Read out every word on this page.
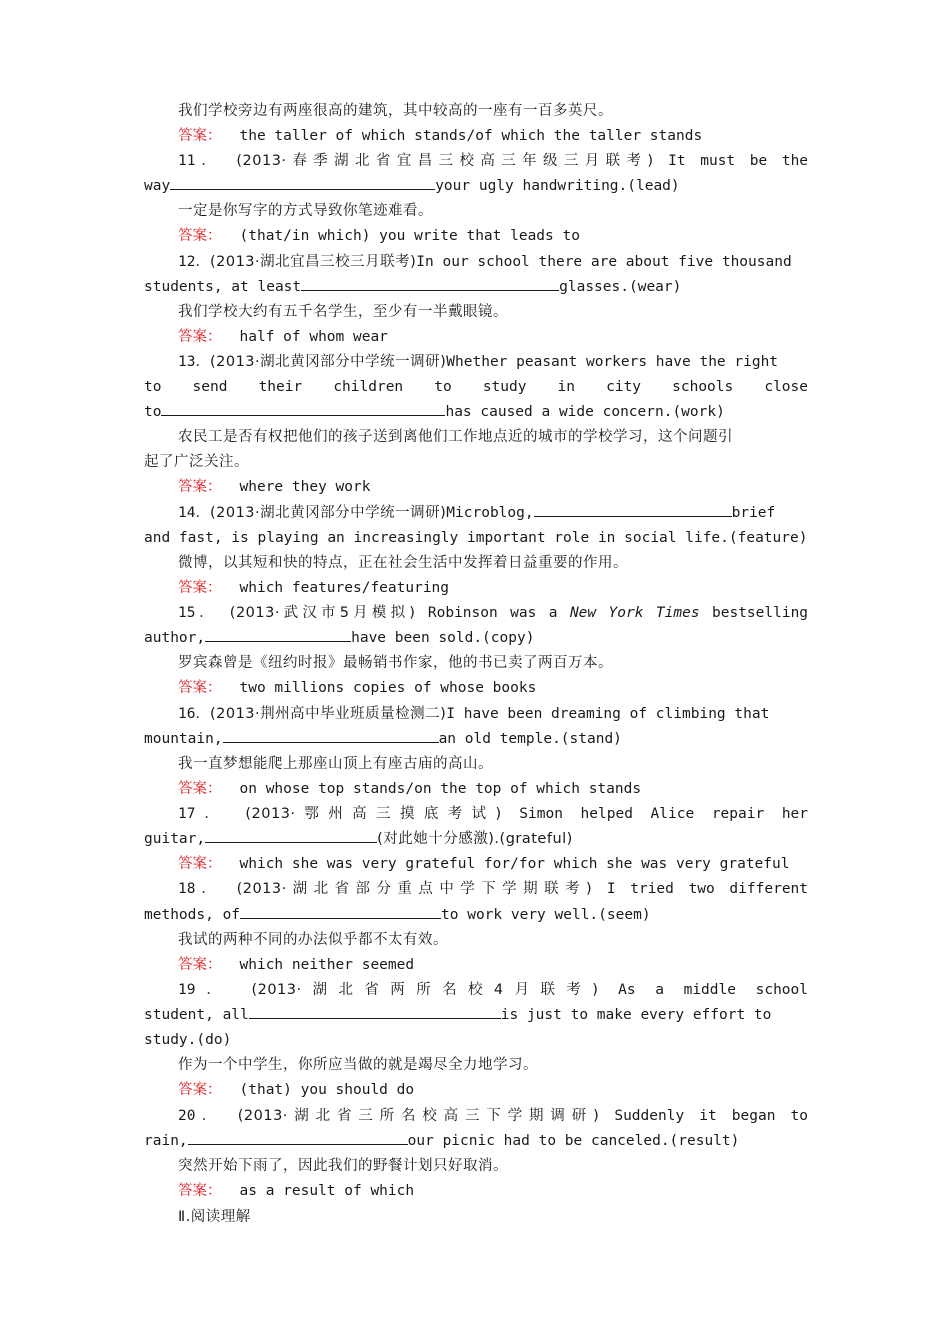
我们学校旁边有两座很高的建筑，其中较高的一座有一百多英尺。
答案： the taller of which stands/of which the taller stands
11． (2013·春季湖北省宜昌三校高三年级三月联考) It must be the
way	your ugly handwriting.(lead)
一定是你写字的方式导致你笔迹难看。
答案： (that/in which) you write that leads to
12．(2013·湖北宜昌三校三月联考)In our school there are about five thousand
students, at least	glasses.(wear)
我们学校大约有五千名学生，至少有一半戴眼镜。
答案： half of whom wear
13．(2013·湖北黄冈部分中学统一调研)Whether peasant workers have the right
to send their children to study in city schools close
to	has caused a wide concern.(work)
农民工是否有权把他们的孩子送到离他们工作地点近的城市的学校学习，这个问题引
起了广泛关注。
答案： where they work
14．(2013·湖北黄冈部分中学统一调研)Microblog,	brief
and fast, is playing an increasingly important role in social life.(feature)
微博，以其短和快的特点，正在社会生活中发挥着日益重要的作用。
答案： which features/featuring
15． (2013·武汉市5月模拟) Robinson was a New York Times bestselling
author,	have been sold.(copy)
罗宾森曾是《纽约时报》最畅销书作家，他的书已卖了两百万本。
答案： two millions copies of whose books
16．(2013·荆州高中毕业班质量检测二)I have been dreaming of climbing that
mountain,	an old temple.(stand)
我一直梦想能爬上那座山顶上有座古庙的高山。
答案： on whose top stands/on the top of which stands
17． (2013·鄂州高三摸底考试) Simon helped Alice repair her
guitar,	(对此她十分感激).(grateful)
答案： which she was very grateful for/for which she was very grateful
18． (2013·湖北省部分重点中学下学期联考) I tried two different
methods, of	to work very well.(seem)
我试的两种不同的办法似乎都不太有效。
答案： which neither seemed
19． (2013·湖北省两所名校4月联考) As a middle school
student, all	is just to make every effort to
study.(do)
作为一个中学生，你所应当做的就是竭尽全力地学习。
答案： (that) you should do
20． (2013·湖北省三所名校高三下学期调研) Suddenly it began to
rain,	our picnic had to be canceled.(result)
突然开始下雨了，因此我们的野餐计划只好取消。
答案： as a result of which
Ⅱ.阅读理解
